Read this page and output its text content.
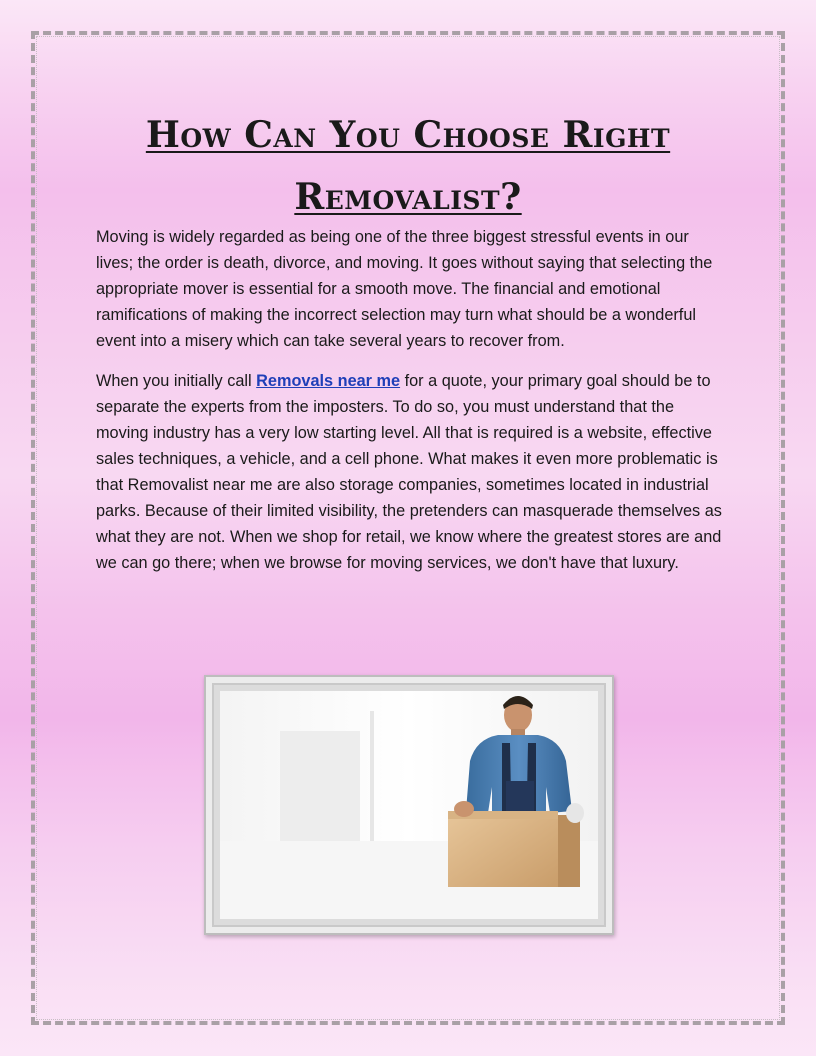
How Can You Choose Right Removalist?

Moving is widely regarded as being one of the three biggest stressful events in our lives; the order is death, divorce, and moving. It goes without saying that selecting the appropriate mover is essential for a smooth move. The financial and emotional ramifications of making the incorrect selection may turn what should be a wonderful event into a misery which can take several years to recover from.

When you initially call Removals near me for a quote, your primary goal should be to separate the experts from the imposters. To do so, you must understand that the moving industry has a very low starting level. All that is required is a website, effective sales techniques, a vehicle, and a cell phone. What makes it even more problematic is that Removalist near me are also storage companies, sometimes located in industrial parks. Because of their limited visibility, the pretenders can masquerade themselves as what they are not. When we shop for retail, we know where the greatest stores are and we can go there; when we browse for moving services, we don't have that luxury.
